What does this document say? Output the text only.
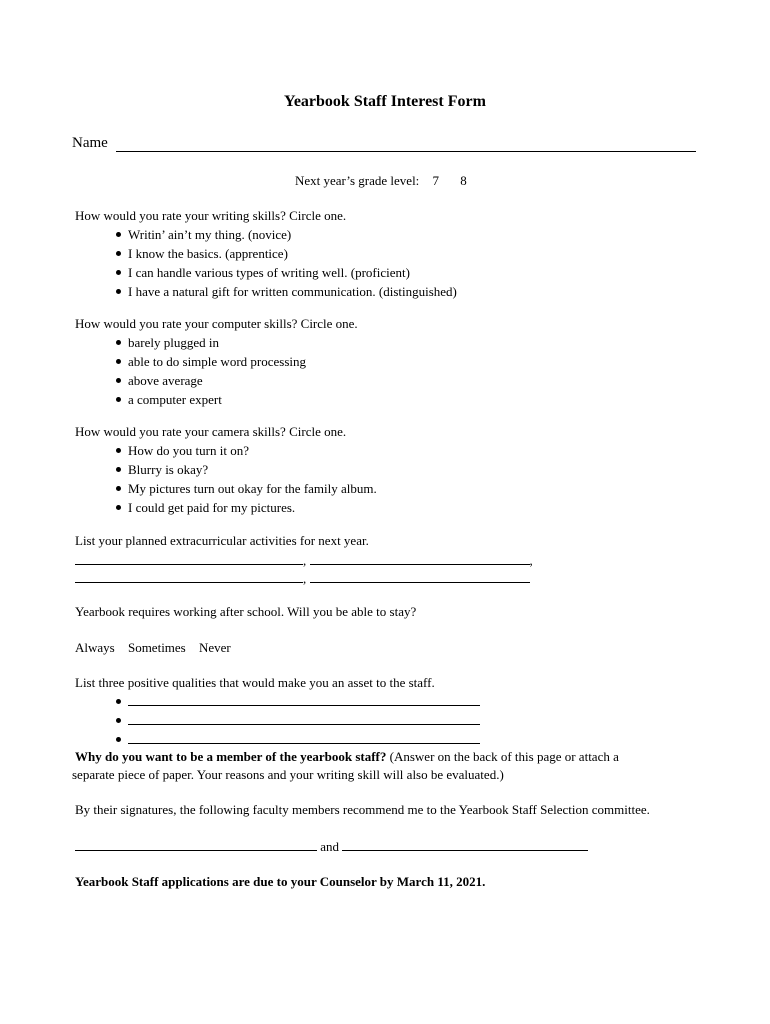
Yearbook Staff Interest Form
Name
Next year’s grade level: 7 8
How would you rate your writing skills? Circle one.
Writin’ ain’t my thing. (novice)
I know the basics. (apprentice)
I can handle various types of writing well. (proficient)
I have a natural gift for written communication. (distinguished)
How would you rate your computer skills? Circle one.
barely plugged in
able to do simple word processing
above average
a computer expert
How would you rate your camera skills? Circle one.
How do you turn it on?
Blurry is okay?
My pictures turn out okay for the family album.
I could get paid for my pictures.
List your planned extracurricular activities for next year.
,	,
,
Yearbook requires working after school. Will you be able to stay?
Always Sometimes Never
List three positive qualities that would make you an asset to the staff.
Why do you want to be a member of the yearbook staff? (Answer on the back of this page or attach a
separate piece of paper. Your reasons and your writing skill will also be evaluated.)
By their signatures, the following faculty members recommend me to the Yearbook Staff Selection committee.
and
Yearbook Staff applications are due to your Counselor by March 11, 2021.
